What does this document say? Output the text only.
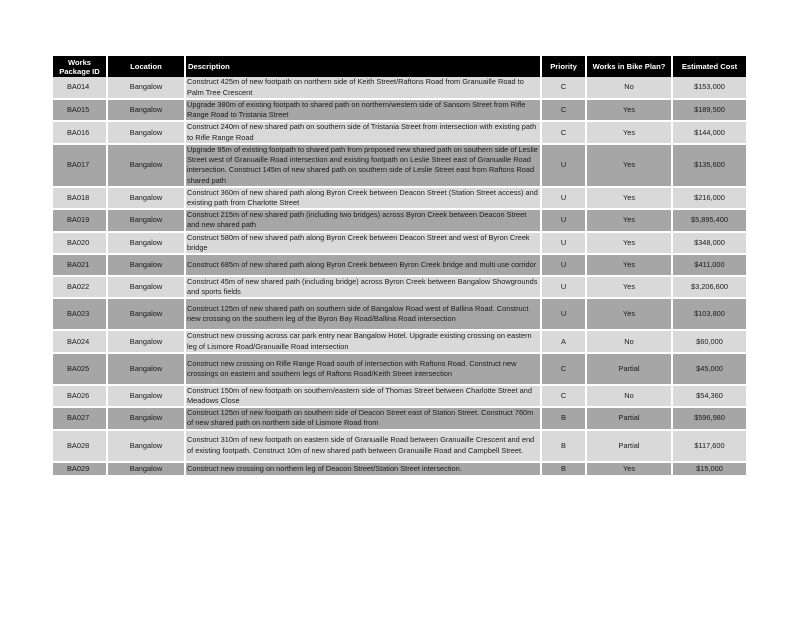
Works Package ID	Location	Description	Priority	Works in Bike Plan?	Estimated Cost
BA014	Bangalow	Construct 425m of new footpath on northern side of Keith Street/Raftons Road from Granuaille Road to Palm Tree Crescent	C	No	$153,000
BA015	Bangalow	Upgrade 380m of existing footpath to shared path on northern/western side of Sansom Street from Rifle Range Road to Tristania Street	C	Yes	$189,500
BA016	Bangalow	Construct 240m of new shared path on southern side of Tristania Street from intersection with existing path to Rifle Range Road	C	Yes	$144,000
BA017	Bangalow	Upgrade 95m of existing footpath to shared path from proposed new shared path on southern side of Leslie Street west of Granuaille Road intersection and existing footpath on Leslie Street east of Granuaille Road intersection. Construct 145m of new shared path on southern side of Leslie Street east from Raftons Road shared path	U	Yes	$135,600
BA018	Bangalow	Construct 360m of new shared path along Byron Creek between Deacon Street (Station Street access) and existing path from Charlotte Street	U	Yes	$216,000
BA019	Bangalow	Construct 215m of new shared path (including two bridges) across Byron Creek between Deacon Street and new shared path	U	Yes	$5,895,400
BA020	Bangalow	Construct 580m of new shared path along Byron Creek between Deacon Street and west of Byron Creek bridge	U	Yes	$348,000
BA021	Bangalow	Construct 685m of new shared path along Byron Creek between Byron Creek bridge and multi use corridor	U	Yes	$411,000
BA022	Bangalow	Construct 45m of new shared path (including bridge) across Byron Creek between Bangalow Showgrounds and sports fields	U	Yes	$3,206,600
BA023	Bangalow	Construct 125m of new shared path on southern side of Bangalow Road west of Ballina Road. Construct new crossing on the southern leg of the Byron Bay Road/Ballina Road intersection	U	Yes	$103,800
BA024	Bangalow	Construct new crossing across car park entry near Bangalow Hotel. Upgrade existing crossing on eastern leg of Lismore Road/Granuaille Road intersection	A	No	$60,000
BA025	Bangalow	Construct new crossing on Rifle Range Road south of intersection with Raftons Road. Construct new crossings on eastern and southern legs of Raftons Road/Keith Street intersection	C	Partial	$45,000
BA026	Bangalow	Construct 150m of new footpath on southern/eastern side of Thomas Street between Charlotte Street and Meadows Close	C	No	$54,360
BA027	Bangalow	Construct 125m of new footpath on southern side of Deacon Street east of Station Street. Construct 760m of new shared path on northern side of Lismore Road from	B	Partial	$596,980
BA028	Bangalow	Construct 310m of new footpath on eastern side of Granuaille Road between Granuaille Crescent and end of existing footpath. Construct 10m of new shared path between Granuaille Road and Campbell Street.	B	Partial	$117,600
BA029	Bangalow	Construct new crossing on northern leg of Deacon Street/Station Street intersection.	B	Yes	$15,000
